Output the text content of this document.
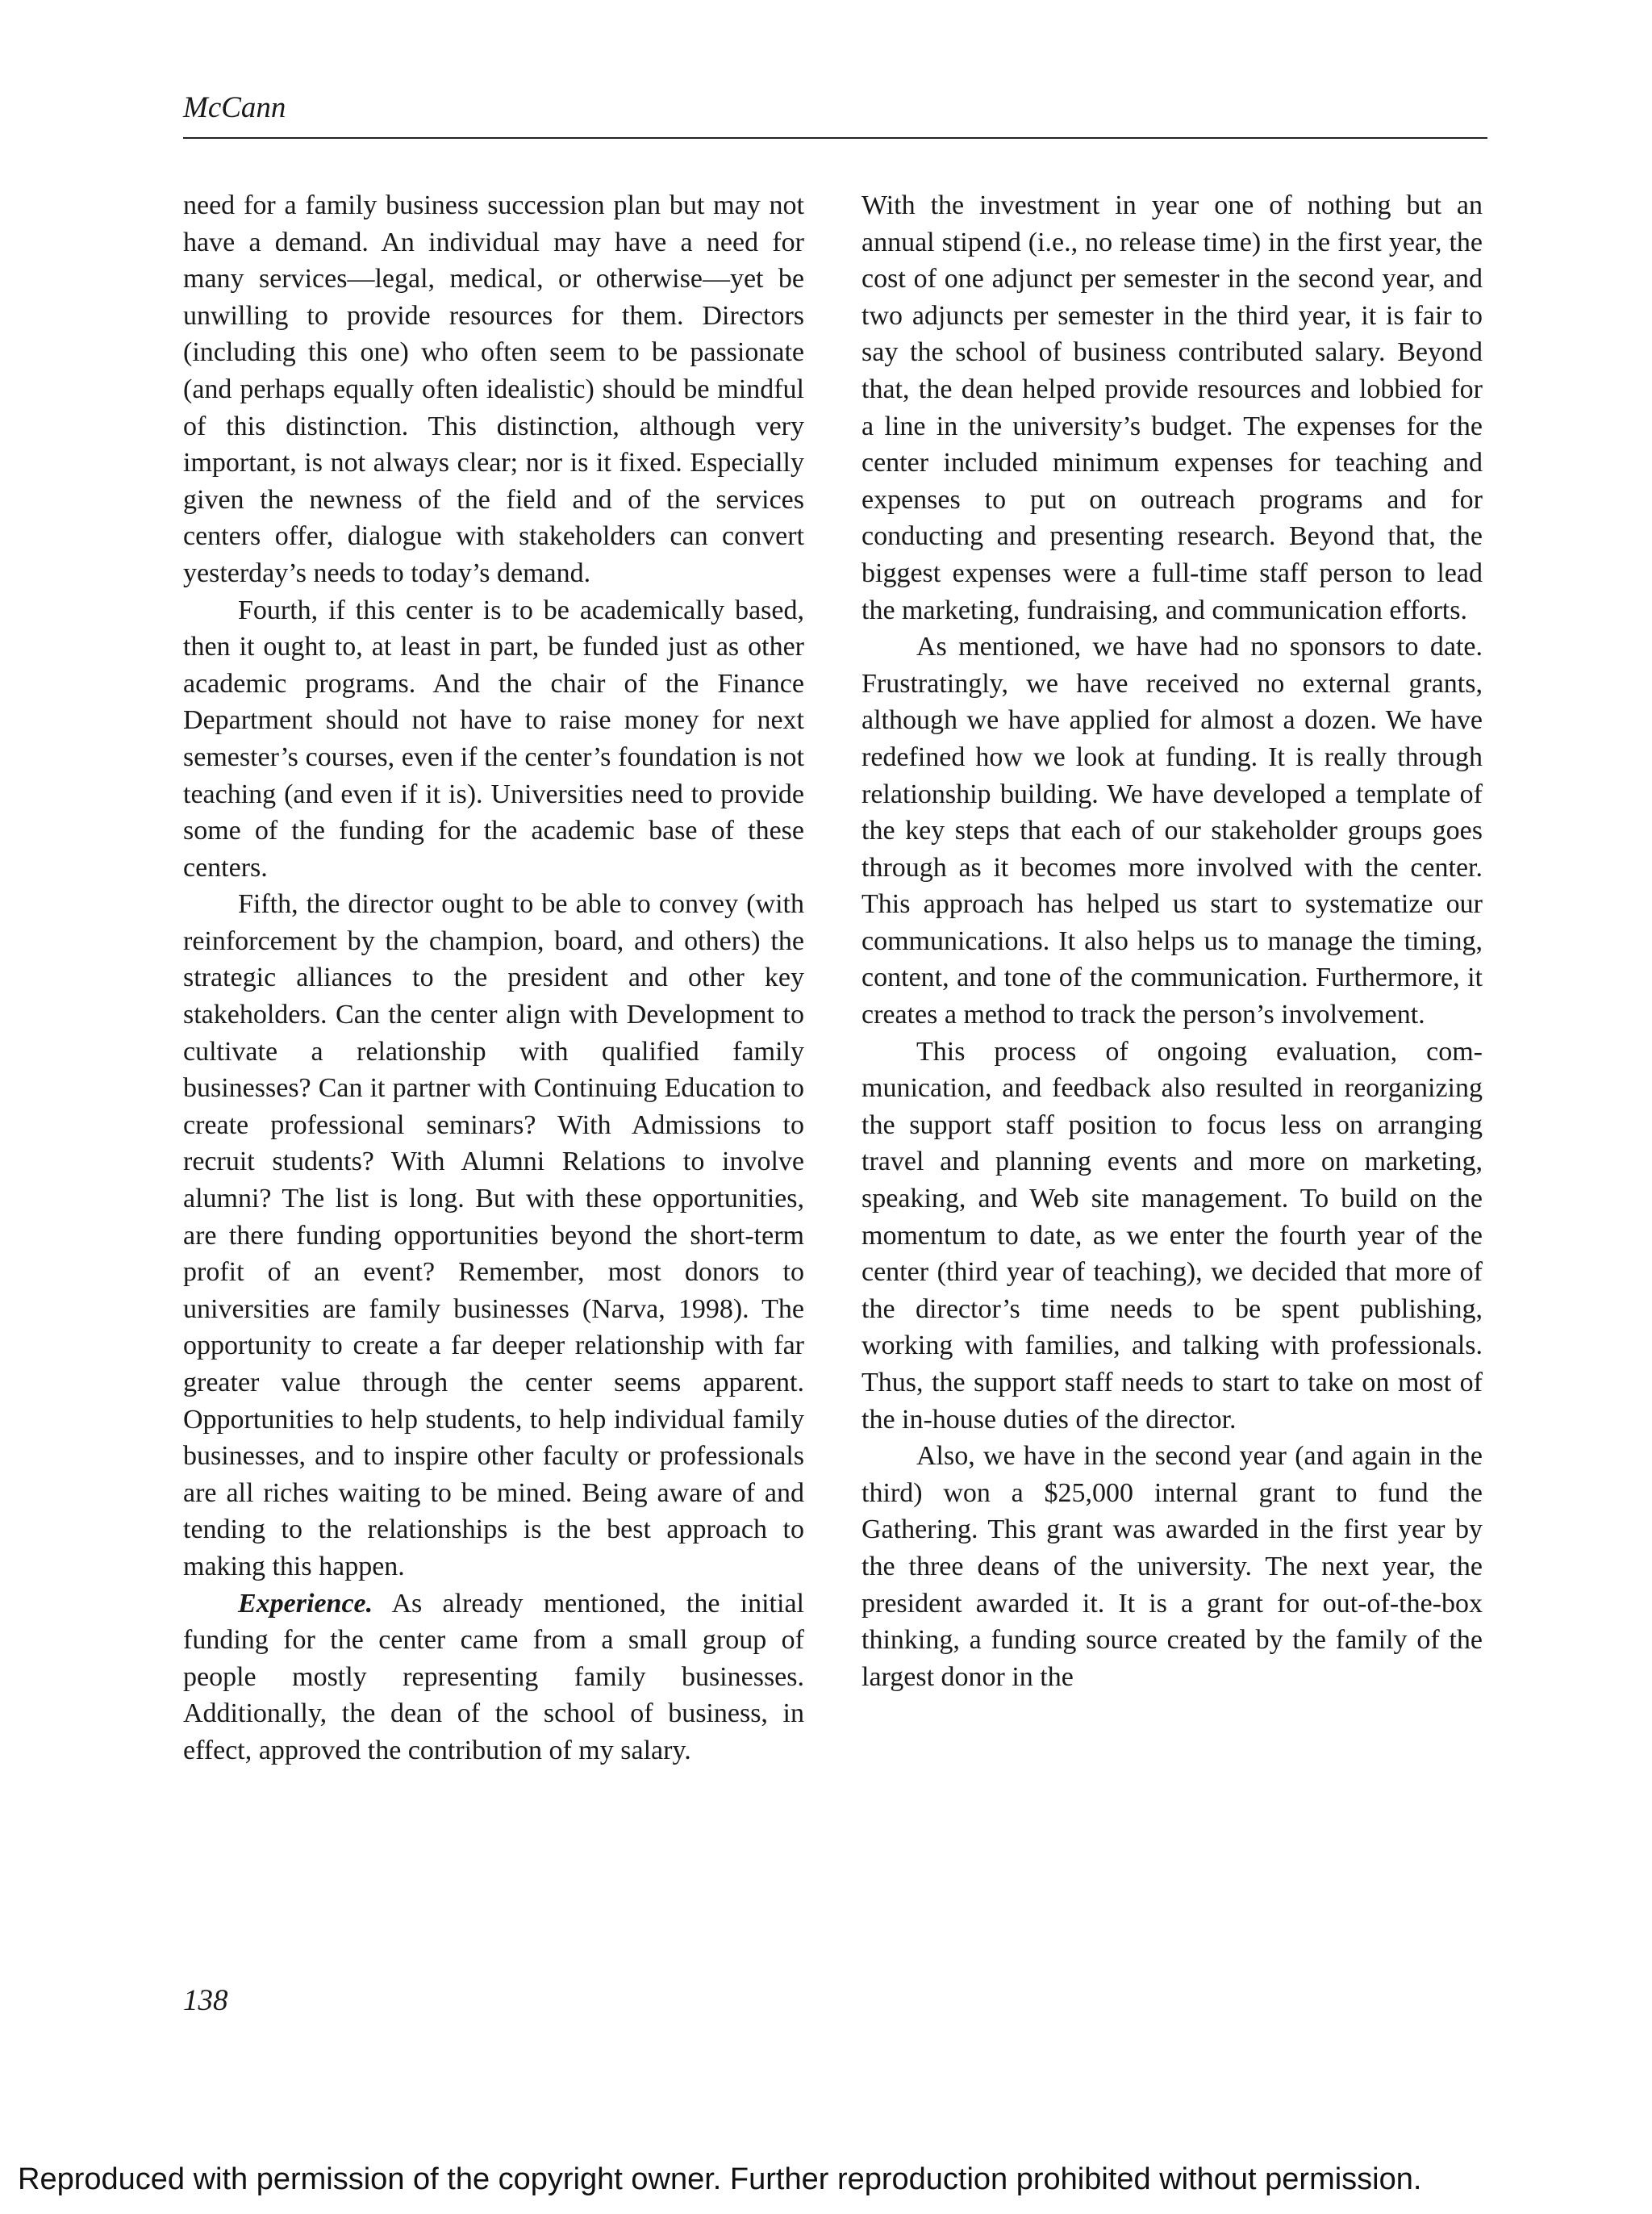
McCann

need for a family business succession plan but may not have a demand. An individual may have a need for many services—legal, medical, or otherwise—yet be unwilling to provide resources for them. Directors (including this one) who often seem to be passionate (and perhaps equally often idealistic) should be mindful of this distinction. This distinction, although very important, is not always clear; nor is it fixed. Especially given the newness of the field and of the services centers offer, dialogue with stakeholders can convert yesterday’s needs to today’s demand.

Fourth, if this center is to be academically based, then it ought to, at least in part, be funded just as other academic programs. And the chair of the Finance Department should not have to raise money for next semester’s courses, even if the center’s foundation is not teaching (and even if it is). Universities need to provide some of the funding for the academic base of these centers.

Fifth, the director ought to be able to convey (with reinforcement by the champion, board, and others) the strategic alliances to the president and other key stakeholders. Can the center align with Development to cultivate a relationship with qualified family businesses? Can it partner with Continuing Education to create professional seminars? With Admissions to recruit students? With Alumni Relations to involve alumni? The list is long. But with these opportunities, are there funding opportunities beyond the short-term profit of an event? Remember, most donors to universities are family businesses (Narva, 1998). The opportunity to create a far deeper relationship with far greater value through the center seems apparent. Opportunities to help students, to help individual family businesses, and to inspire other faculty or professionals are all riches waiting to be mined. Being aware of and tending to the relationships is the best approach to making this happen.

Experience. As already mentioned, the initial funding for the center came from a small group of people mostly representing family businesses. Additionally, the dean of the school of business, in effect, approved the contribution of my salary.

With the investment in year one of nothing but an annual stipend (i.e., no release time) in the first year, the cost of one adjunct per semester in the second year, and two adjuncts per semester in the third year, it is fair to say the school of business contributed salary. Beyond that, the dean helped provide resources and lobbied for a line in the university’s budget. The expenses for the center included minimum expenses for teaching and expenses to put on outreach programs and for conducting and presenting research. Beyond that, the biggest expenses were a full-time staff person to lead the marketing, fundraising, and communication efforts.

As mentioned, we have had no sponsors to date. Frustratingly, we have received no external grants, although we have applied for almost a dozen. We have redefined how we look at funding. It is really through relationship building. We have developed a template of the key steps that each of our stakeholder groups goes through as it becomes more involved with the center. This approach has helped us start to systematize our communications. It also helps us to manage the timing, content, and tone of the communication. Furthermore, it creates a method to track the person’s involvement.

This process of ongoing evaluation, com-munication, and feedback also resulted in reorganizing the support staff position to focus less on arranging travel and planning events and more on marketing, speaking, and Web site management. To build on the momentum to date, as we enter the fourth year of the center (third year of teaching), we decided that more of the director’s time needs to be spent publishing, working with families, and talking with professionals. Thus, the support staff needs to start to take on most of the in-house duties of the director.

Also, we have in the second year (and again in the third) won a $25,000 internal grant to fund the Gathering. This grant was awarded in the first year by the three deans of the university. The next year, the president awarded it. It is a grant for out-of-the-box thinking, a funding source created by the family of the largest donor in the

138

Reproduced with permission of the copyright owner. Further reproduction prohibited without permission.
